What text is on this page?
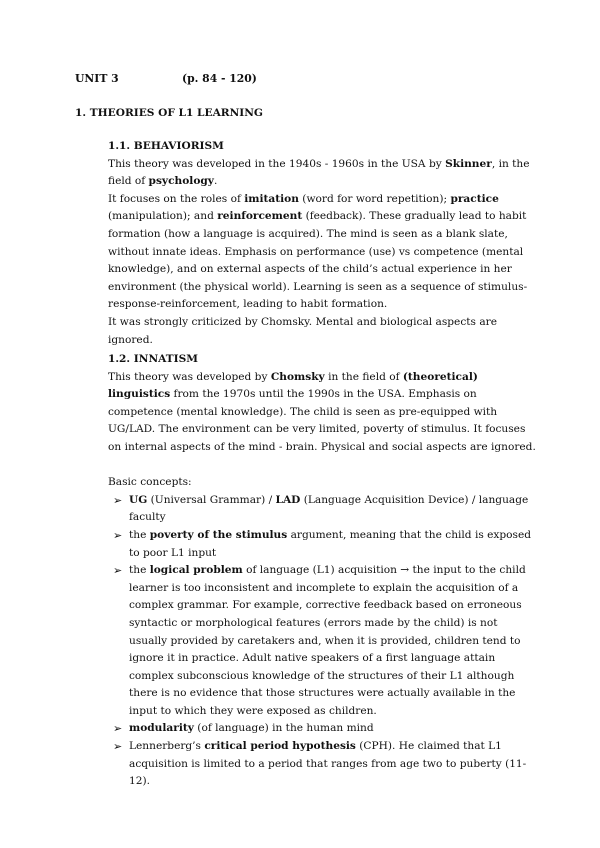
UNIT 3	(p. 84 - 120)
1. THEORIES OF L1 LEARNING
1.1. BEHAVIORISM

This theory was developed in the 1940s - 1960s in the USA by Skinner, in the field of psychology.

It focuses on the roles of imitation (word for word repetition); practice (manipulation); and reinforcement (feedback). These gradually lead to habit formation (how a language is acquired). The mind is seen as a blank slate, without innate ideas. Emphasis on performance (use) vs competence (mental knowledge), and on external aspects of the child’s actual experience in her environment (the physical world). Learning is seen as a sequence of stimulus-response-reinforcement, leading to habit formation.

It was strongly criticized by Chomsky. Mental and biological aspects are ignored.

1.2. INNATISM

This theory was developed by Chomsky in the field of (theoretical) linguistics from the 1970s until the 1990s in the USA. Emphasis on competence (mental knowledge). The child is seen as pre-equipped with UG/LAD. The environment can be very limited, poverty of stimulus. It focuses on internal aspects of the mind - brain. Physical and social aspects are ignored.

Basic concepts:

➢ UG (Universal Grammar) / LAD (Language Acquisition Device) / language faculty
➢ the poverty of the stimulus argument, meaning that the child is exposed to poor L1 input
➢ the logical problem of language (L1) acquisition → the input to the child learner is too inconsistent and incomplete to explain the acquisition of a complex grammar. For example, corrective feedback based on erroneous syntactic or morphological features (errors made by the child) is not usually provided by caretakers and, when it is provided, children tend to ignore it in practice. Adult native speakers of a first language attain complex subconscious knowledge of the structures of their L1 although there is no evidence that those structures were actually available in the input to which they were exposed as children.
➢ modularity (of language) in the human mind
➢ Lennerberg’s critical period hypothesis (CPH). He claimed that L1 acquisition is limited to a period that ranges from age two to puberty (11-12).
